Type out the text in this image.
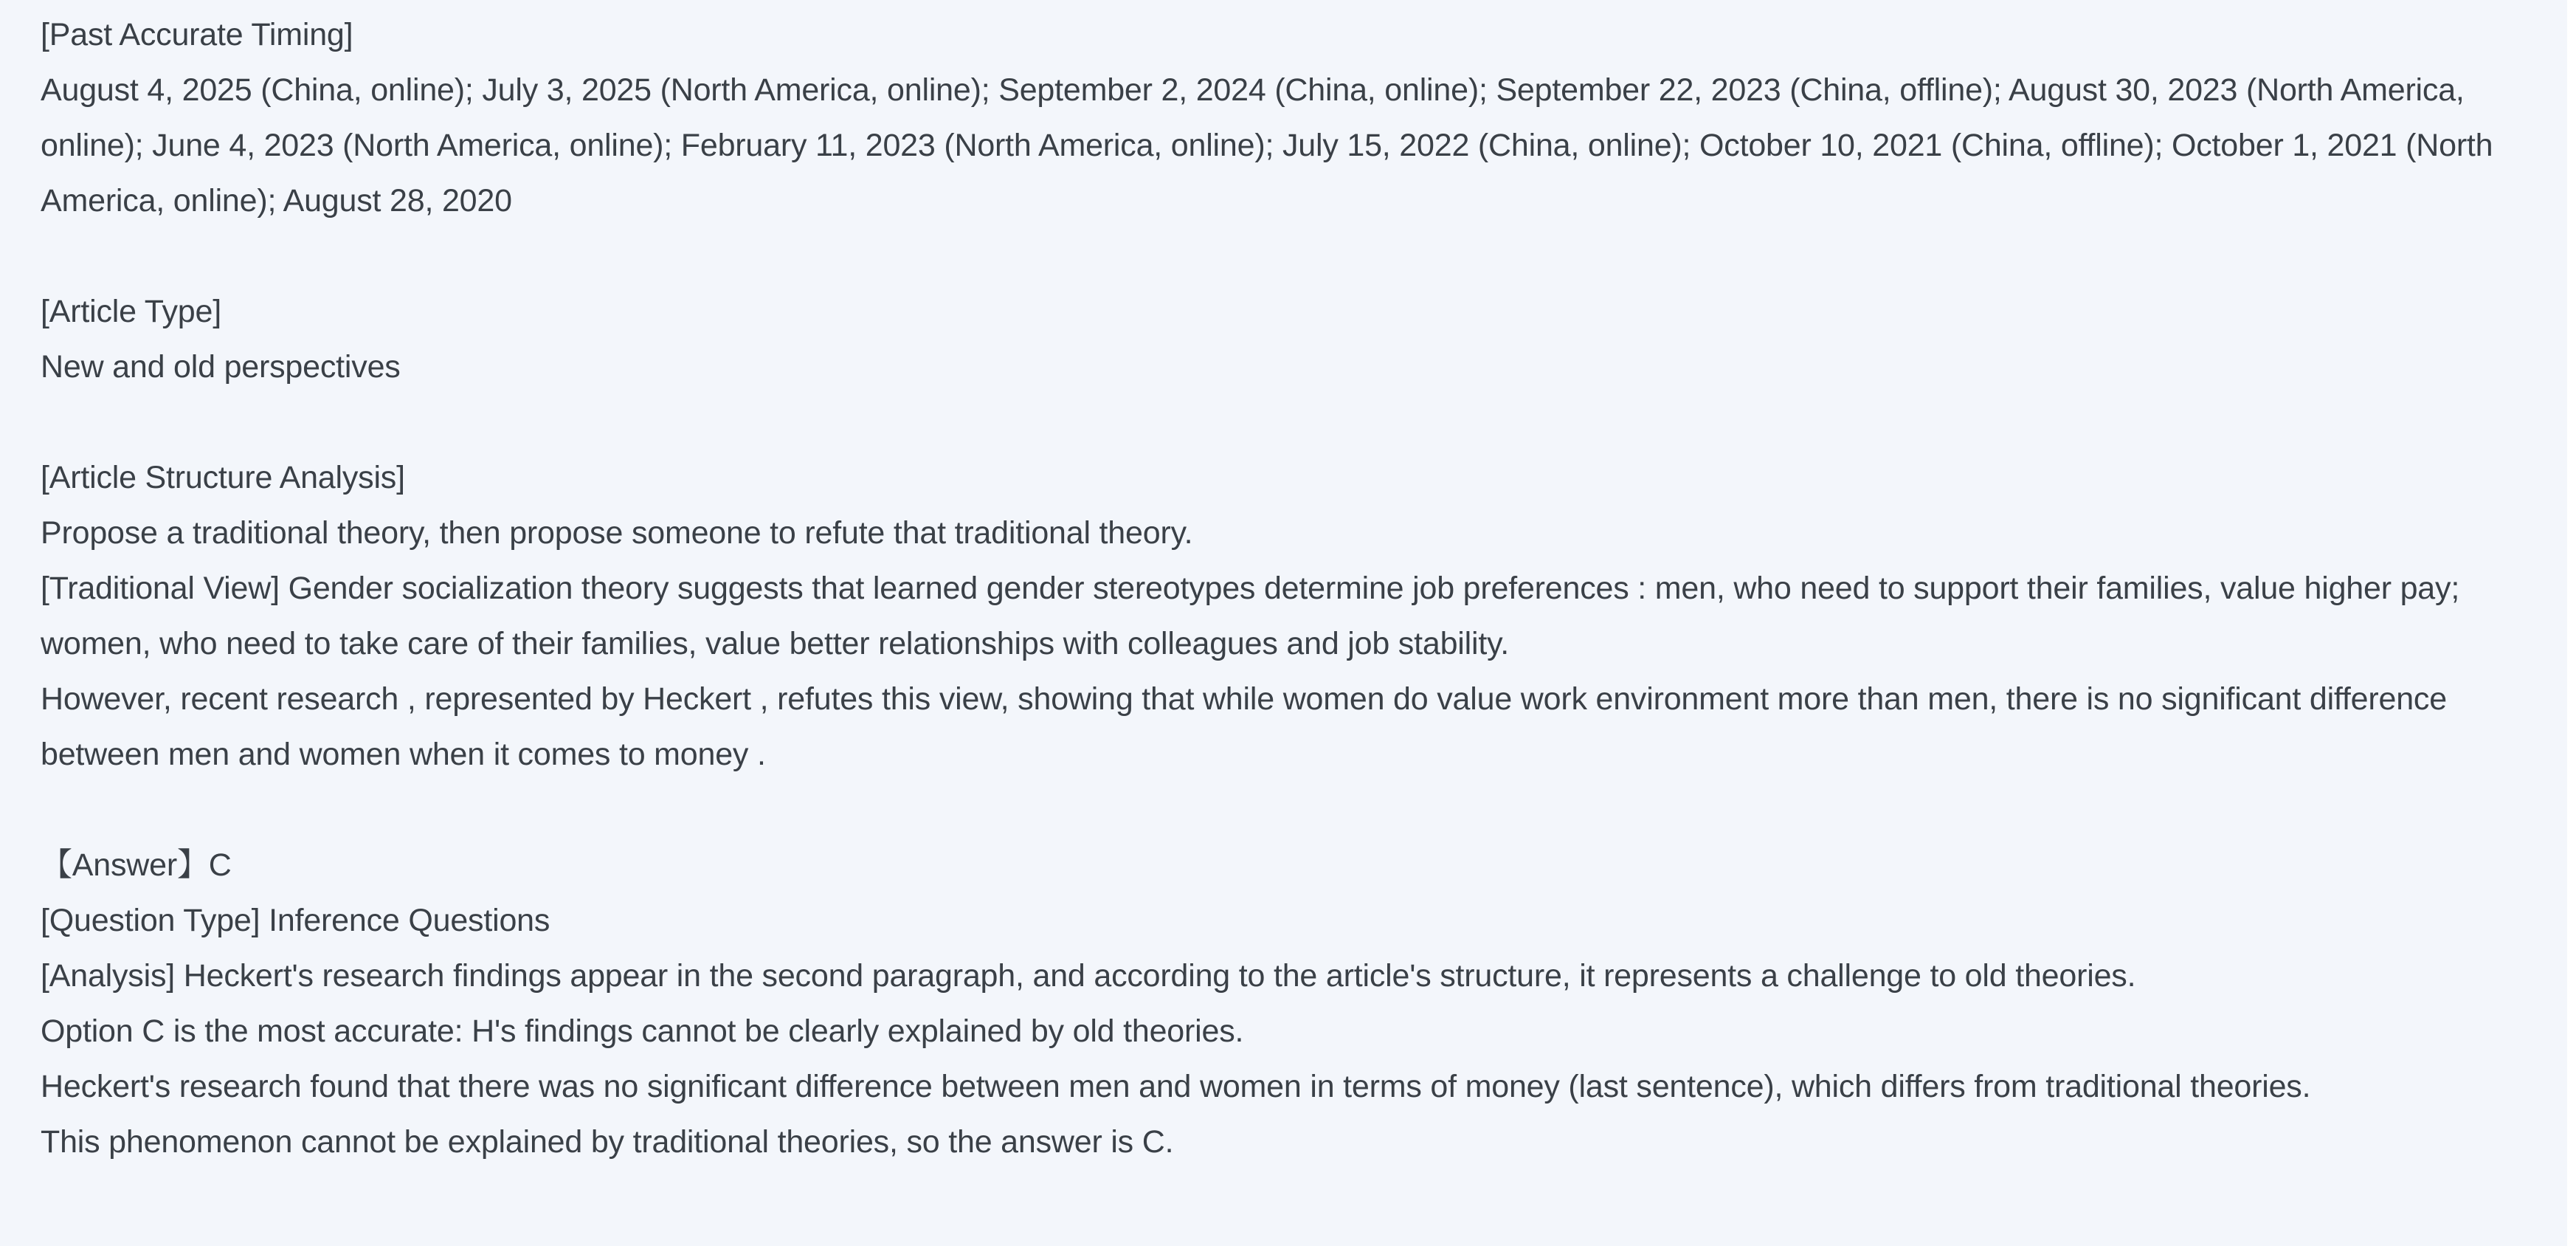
[Past Accurate Timing]

August 4, 2025 (China, online); July 3, 2025 (North America, online); September 2, 2024 (China, online); September 22, 2023 (China, offline); August 30, 2023 (North America, online); June 4, 2023 (North America, online); February 11, 2023 (North America, online); July 15, 2022 (China, online); October 10, 2021 (China, offline); October 1, 2021 (North America, online); August 28, 2020

[Article Type]

New and old perspectives

[Article Structure Analysis]

Propose a traditional theory, then propose someone to refute that traditional theory.

[Traditional View] Gender socialization theory suggests that learned gender stereotypes determine job preferences : men, who need to support their families, value higher pay; women, who need to take care of their families, value better relationships with colleagues and job stability.

However, recent research , represented by Heckert , refutes this view, showing that while women do value work environment more than men, there is no significant difference between men and women when it comes to money .

【Answer】C

[Question Type] Inference Questions

[Analysis] Heckert's research findings appear in the second paragraph, and according to the article's structure, it represents a challenge to old theories.

Option C is the most accurate: H's findings cannot be clearly explained by old theories.

Heckert's research found that there was no significant difference between men and women in terms of money (last sentence), which differs from traditional theories.

This phenomenon cannot be explained by traditional theories, so the answer is C.
